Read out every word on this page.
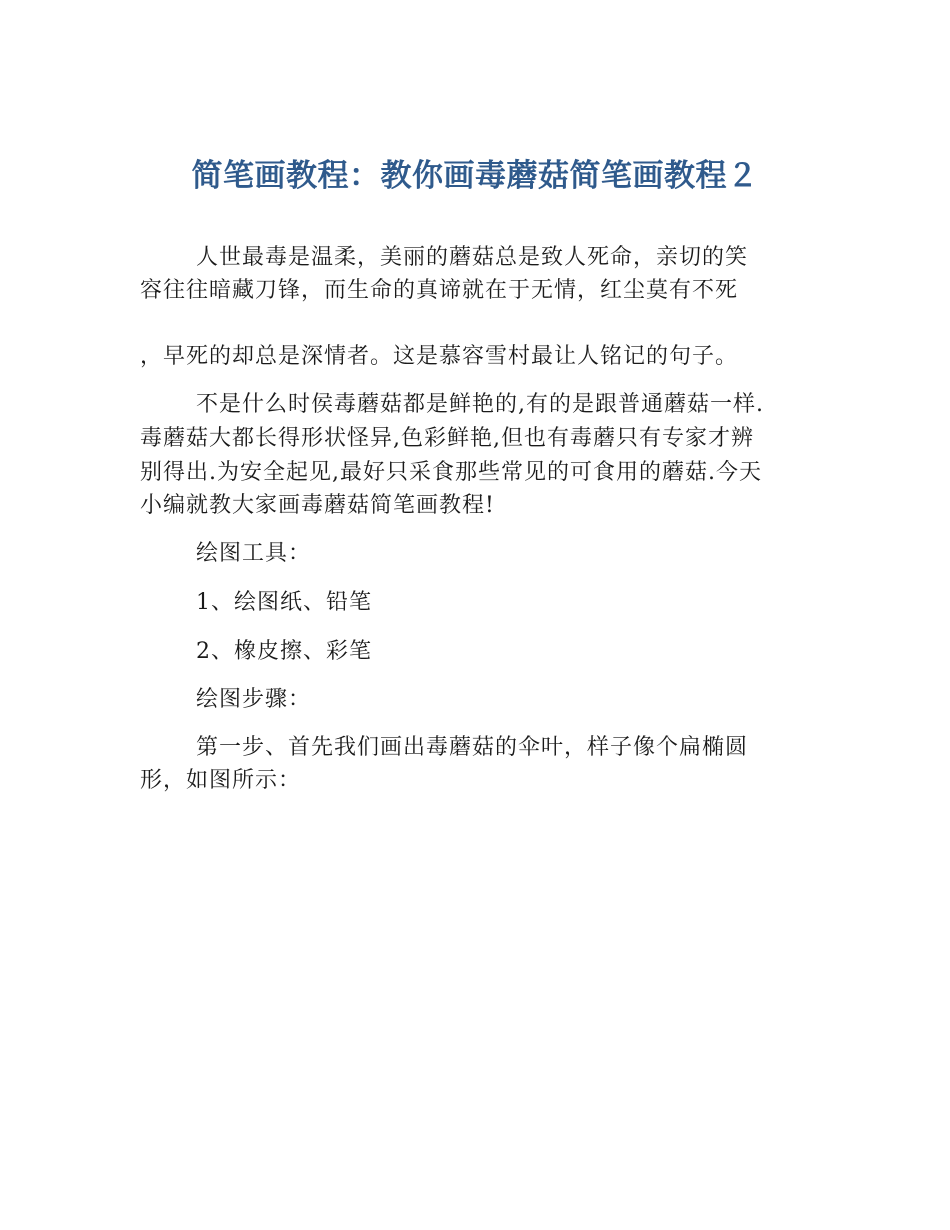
简笔画教程：教你画毒蘑菇简笔画教程２

人世最毒是温柔，美丽的蘑菇总是致人死命，亲切的笑

容往往暗藏刀锋，而生命的真谛就在于无情，红尘莫有不死

，早死的却总是深情者。这是慕容雪村最让人铭记的句子。

不是什么时侯毒蘑菇都是鲜艳的,有的是跟普通蘑菇一样.

毒蘑菇大都长得形状怪异,色彩鲜艳,但也有毒蘑只有专家才辨

别得出.为安全起见,最好只采食那些常见的可食用的蘑菇.今天

小编就教大家画毒蘑菇简笔画教程!

绘图工具：

1、绘图纸、铅笔

2、橡皮擦、彩笔

绘图步骤：

第一步、首先我们画出毒蘑菇的伞叶，样子像个扁椭圆

形，如图所示：
